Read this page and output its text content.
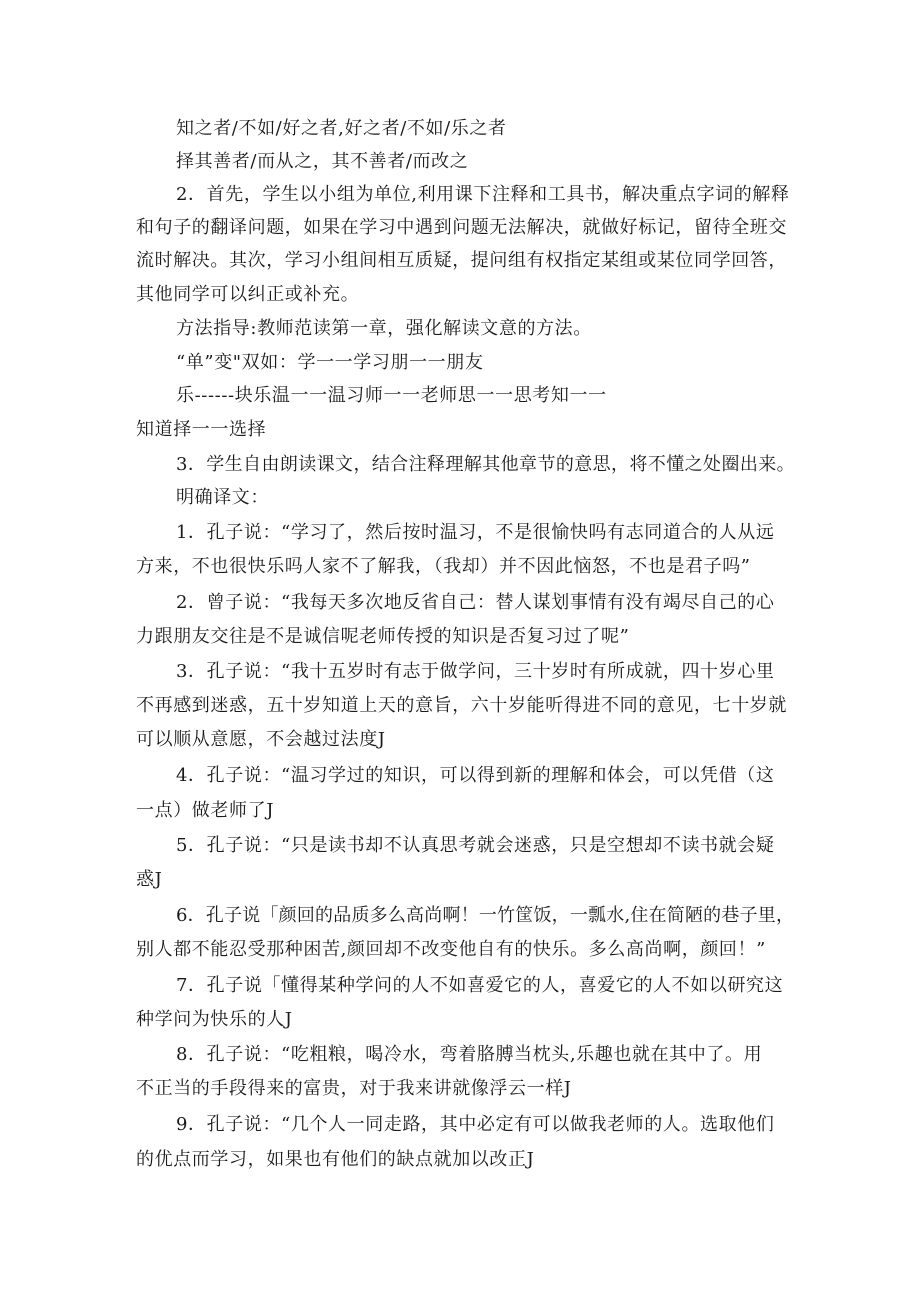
知之者/不如/好之者,好之者/不如/乐之者
择其善者/而从之，其不善者/而改之
2．首先，学生以小组为单位,利用课下注释和工具书，解决重点字词的解释
和句子的翻译问题，如果在学习中遇到问题无法解决，就做好标记，留待全班交
流时解决。其次，学习小组间相互质疑，提问组有权指定某组或某位同学回答，
其他同学可以纠正或补充。
方法指导:教师范读第一章，强化解读文意的方法。
“单”变"双如：学一一学习朋一一朋友
乐------块乐温一一温习师一一老师思一一思考知一一
知道择一一选择
3．学生自由朗读课文，结合注释理解其他章节的意思，将不懂之处圈出来。
明确译文：
1．孔子说：“学习了，然后按时温习，不是很愉快吗有志同道合的人从远
方来，不也很快乐吗人家不了解我，（我却）并不因此恼怒，不也是君子吗”
2．曾子说：“我每天多次地反省自己：替人谋划事情有没有竭尽自己的心
力跟朋友交往是不是诚信呢老师传授的知识是否复习过了呢”
3．孔子说：“我十五岁时有志于做学问，三十岁时有所成就，四十岁心里
不再感到迷惑，五十岁知道上天的意旨，六十岁能听得进不同的意见，七十岁就
可以顺从意愿，不会越过法度J
4．孔子说：“温习学过的知识，可以得到新的理解和体会，可以凭借（这
一点）做老师了J
5．孔子说：“只是读书却不认真思考就会迷惑，只是空想却不读书就会疑
惑J
6．孔子说「颜回的品质多么高尚啊！一竹筐饭，一瓢水,住在简陋的巷子里，
别人都不能忍受那种困苦,颜回却不改变他自有的快乐。多么高尚啊，颜回！”
7．孔子说「懂得某种学问的人不如喜爱它的人，喜爱它的人不如以研究这
种学问为快乐的人J
8．孔子说：“吃粗粮，喝冷水，弯着胳膊当枕头,乐趣也就在其中了。用
不正当的手段得来的富贵，对于我来讲就像浮云一样J
9．孔子说：“几个人一同走路，其中必定有可以做我老师的人。选取他们
的优点而学习，如果也有他们的缺点就加以改正J
